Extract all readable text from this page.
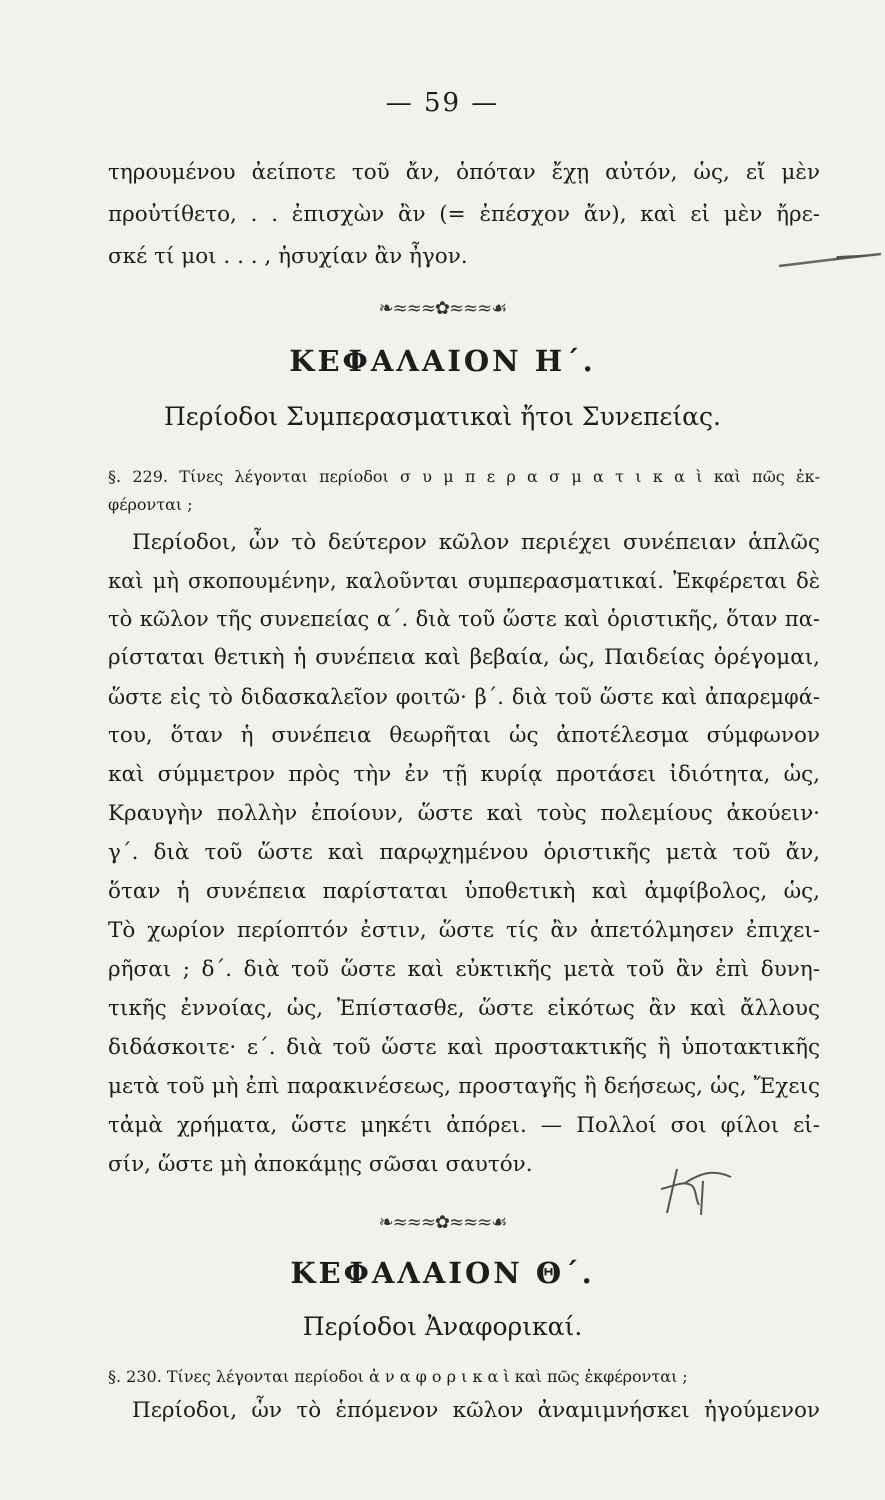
— 59 —
τηρουμένου ἀείποτε τοῦ ἄν, ὁπόταν ἔχῃ αὐτόν, ὡς, εἴ μὲν
προὐτίθετο, . . ἐπισχὼν ἂν (= ἐπέσχον ἄν), καὶ εἰ μὲν ἤρε-
σκέ τί μοι . . . , ἡσυχίαν ἂν ἦγον.
❧≈≈≈✿≈≈≈☙
ΚΕΦΑΛΑΙΟΝ Η΄.
Περίοδοι Συμπερασματικαὶ ἤτοι Συνεπείας.
§. 229. Τίνες λέγονται περίοδοι σ υ μ π ε ρ α σ μ α τ ι κ α ὶ καὶ πῶς ἐκ-
φέρονται ;
Περίοδοι, ὧν τὸ δεύτερον κῶλον περιέχει συνέπειαν ἁπλῶς
καὶ μὴ σκοπουμένην, καλοῦνται συμπερασματικαί. Ἐκφέρεται δὲ
τὸ κῶλον τῆς συνεπείας α΄. διὰ τοῦ ὥστε καὶ ὁριστικῆς, ὅταν πα-
ρίσταται θετικὴ ἡ συνέπεια καὶ βεβαία, ὡς, Παιδείας ὀρέγομαι,
ὥστε εἰς τὸ διδασκαλεῖον φοιτῶ· β΄. διὰ τοῦ ὥστε καὶ ἀπαρεμφά-
του, ὅταν ἡ συνέπεια θεωρῆται ὡς ἀποτέλεσμα σύμφωνον
καὶ σύμμετρον πρὸς τὴν ἐν τῇ κυρίᾳ προτάσει ἰδιότητα, ὡς,
Κραυγὴν πολλὴν ἐποίουν, ὥστε καὶ τοὺς πολεμίους ἀκούειν·
γ΄. διὰ τοῦ ὥστε καὶ παρῳχημένου ὁριστικῆς μετὰ τοῦ ἄν,
ὅταν ἡ συνέπεια παρίσταται ὑποθετικὴ καὶ ἀμφίβολος, ὡς,
Τὸ χωρίον περίοπτόν ἐστιν, ὥστε τίς ἂν ἀπετόλμησεν ἐπιχει-
ρῆσαι ; δ΄. διὰ τοῦ ὥστε καὶ εὐκτικῆς μετὰ τοῦ ἂν ἐπὶ δυνη-
τικῆς ἐννοίας, ὡς, Ἐπίστασθε, ὥστε εἰκότως ἂν καὶ ἄλλους
διδάσκοιτε· ε΄. διὰ τοῦ ὥστε καὶ προστακτικῆς ἢ ὑποτακτικῆς
μετὰ τοῦ μὴ ἐπὶ παρακινέσεως, προσταγῆς ἢ δεήσεως, ὡς, Ἔχεις
τἀμὰ χρήματα, ὥστε μηκέτι ἀπόρει. — Πολλοί σοι φίλοι εἰ-
σίν, ὥστε μὴ ἀποκάμῃς σῶσαι σαυτόν.
❧≈≈≈✿≈≈≈☙
ΚΕΦΑΛΑΙΟΝ Θ΄.
Περίοδοι Ἀναφορικαί.
§. 230. Τίνες λέγονται περίοδοι ἀ ν α φ ο ρ ι κ α ὶ καὶ πῶς ἐκφέρονται ;
Περίοδοι, ὧν τὸ ἑπόμενον κῶλον ἀναμιμνήσκει ἡγούμενον
